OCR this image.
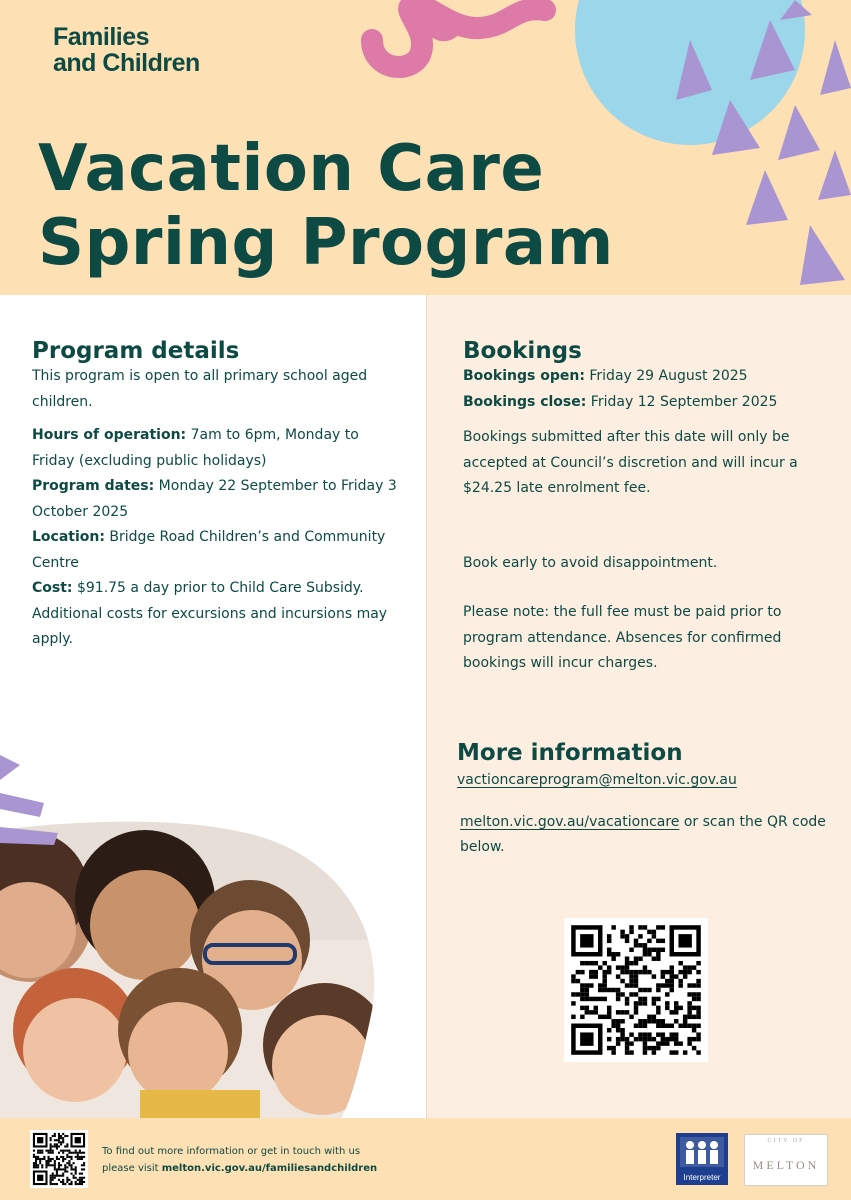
Families
and Children
Vacation Care
Spring Program
Program details
This program is open to all primary school aged children.
Hours of operation: 7am to 6pm, Monday to Friday (excluding public holidays)
Program dates: Monday 22 September to Friday 3 October 2025
Location: Bridge Road Children’s and Community Centre
Cost: $91.75 a day prior to Child Care Subsidy. Additional costs for excursions and incursions may apply.
Bookings
Bookings open: Friday 29 August 2025
Bookings close: Friday 12 September 2025
Bookings submitted after this date will only be accepted at Council’s discretion and will incur a $24.25 late enrolment fee.
Book early to avoid disappointment.
Please note: the full fee must be paid prior to program attendance. Absences for confirmed bookings will incur charges.
More information
vactioncareprogram@melton.vic.gov.au
melton.vic.gov.au/vacationcare or scan the QR code below.
To find out more information or get in touch with us
please visit melton.vic.gov.au/familiesandchildren
Interpreter
CITY OF
MELTON
